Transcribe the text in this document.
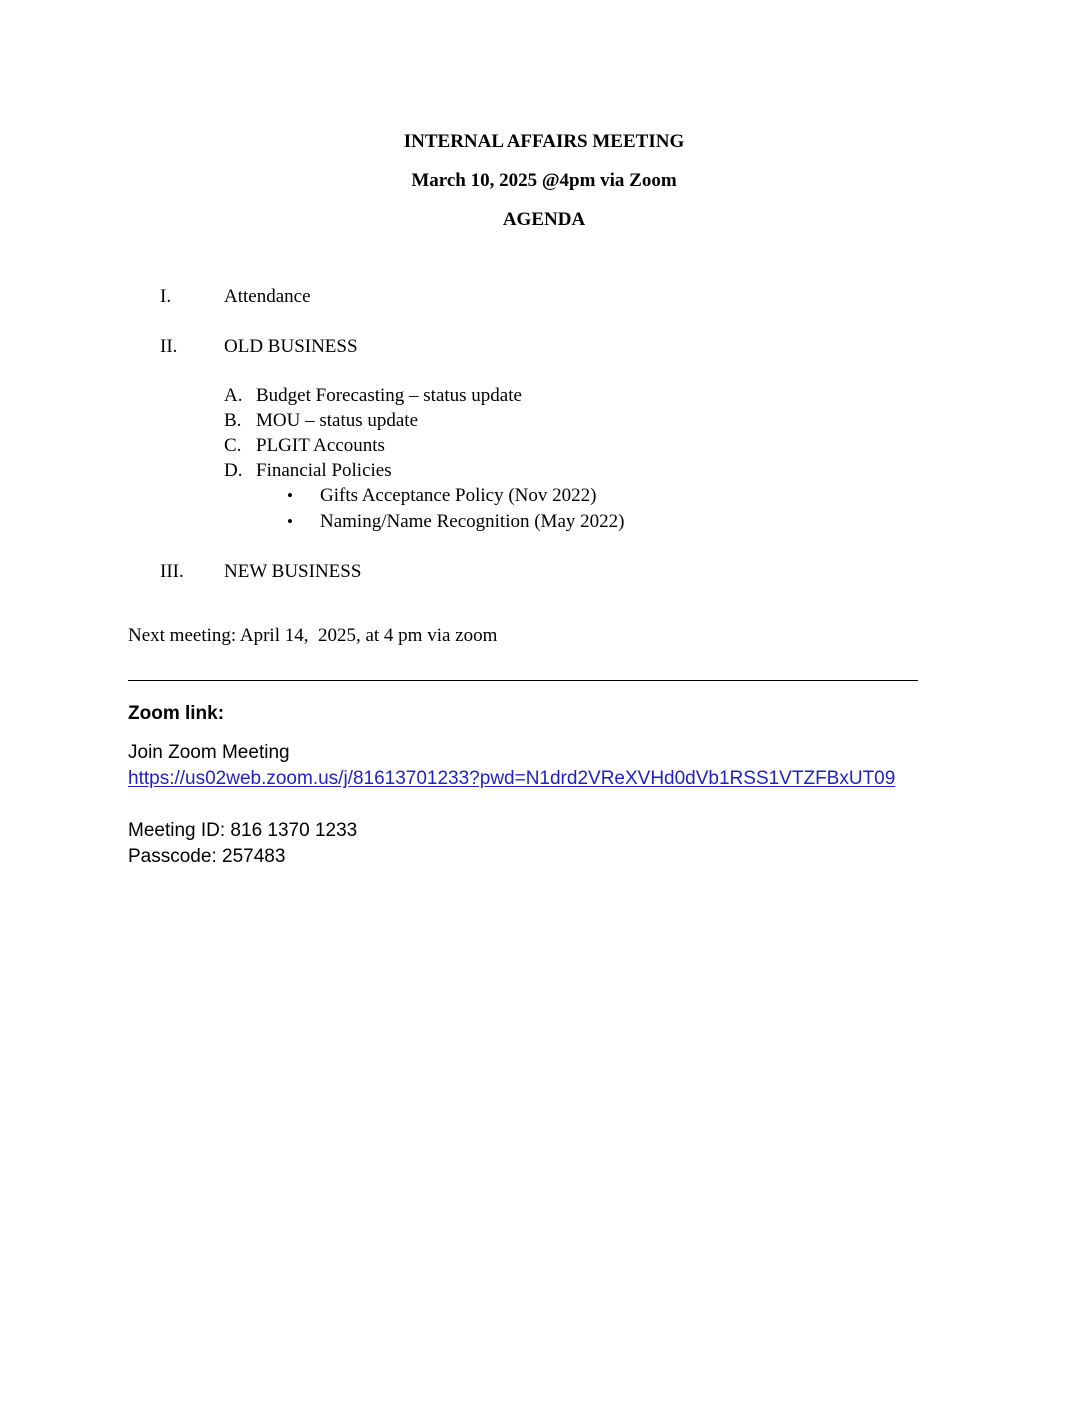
INTERNAL AFFAIRS MEETING
March 10, 2025 @4pm via Zoom
AGENDA
I.	Attendance
II. OLD BUSINESS
A. Budget Forecasting – status update
B. MOU – status update
C. PLGIT Accounts
D. Financial Policies
• Gifts Acceptance Policy (Nov 2022)
• Naming/Name Recognition (May 2022)
III. NEW BUSINESS
Next meeting: April 14,  2025, at 4 pm via zoom
Zoom link:
Join Zoom Meeting
https://us02web.zoom.us/j/81613701233?pwd=N1drd2VReXVHd0dVb1RSS1VTZFBxUT09
Meeting ID: 816 1370 1233
Passcode: 257483
